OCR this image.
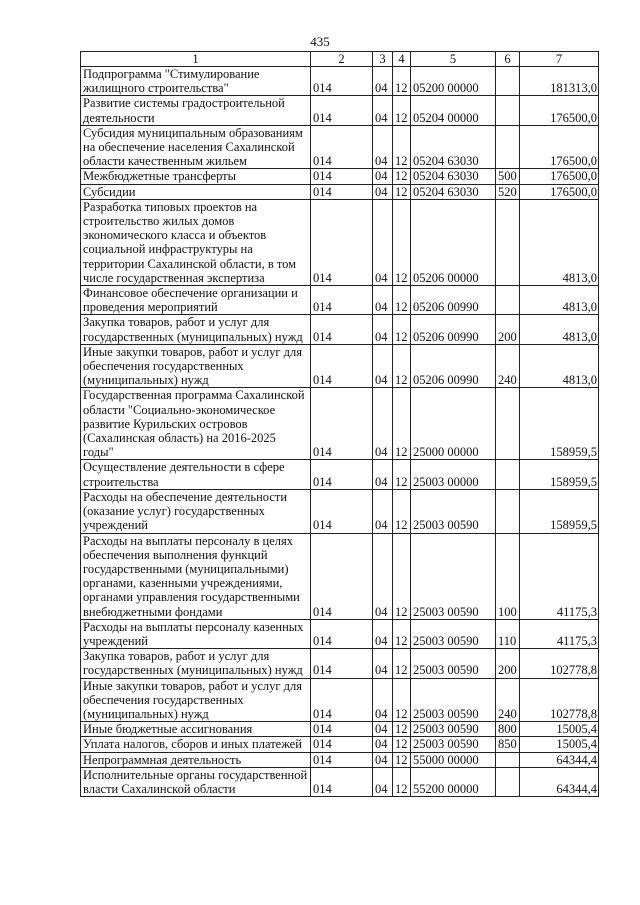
435
1	2	3	4	5	6	7
Подпрограмма "Стимулирование жилищного строительства"	014	04	12	05200 00000		181313,0
Развитие системы градостроительной деятельности	014	04	12	05204 00000		176500,0
Субсидия муниципальным образованиям на обеспечение населения Сахалинской области качественным жильем	014	04	12	05204 63030		176500,0
Межбюджетные трансферты	014	04	12	05204 63030	500	176500,0
Субсидии	014	04	12	05204 63030	520	176500,0
Разработка типовых проектов на строительство жилых домов экономического класса и объектов социальной инфраструктуры на территории Сахалинской области, в том числе государственная экспертиза	014	04	12	05206 00000		4813,0
Финансовое обеспечение организации и проведения мероприятий	014	04	12	05206 00990		4813,0
Закупка товаров, работ и услуг для государственных (муниципальных) нужд	014	04	12	05206 00990	200	4813,0
Иные закупки товаров, работ и услуг для обеспечения государственных (муниципальных) нужд	014	04	12	05206 00990	240	4813,0
Государственная программа Сахалинской области "Социально-экономическое развитие Курильских островов (Сахалинская область) на 2016-2025 годы"	014	04	12	25000 00000		158959,5
Осуществление деятельности в сфере строительства	014	04	12	25003 00000		158959,5
Расходы на обеспечение деятельности (оказание услуг) государственных учреждений	014	04	12	25003 00590		158959,5
Расходы на выплаты персоналу в целях обеспечения выполнения функций государственными (муниципальными) органами, казенными учреждениями, органами управления государственными внебюджетными фондами	014	04	12	25003 00590	100	41175,3
Расходы на выплаты персоналу казенных учреждений	014	04	12	25003 00590	110	41175,3
Закупка товаров, работ и услуг для государственных (муниципальных) нужд	014	04	12	25003 00590	200	102778,8
Иные закупки товаров, работ и услуг для обеспечения государственных (муниципальных) нужд	014	04	12	25003 00590	240	102778,8
Иные бюджетные ассигнования	014	04	12	25003 00590	800	15005,4
Уплата налогов, сборов и иных платежей	014	04	12	25003 00590	850	15005,4
Непрограммная деятельность	014	04	12	55000 00000		64344,4
Исполнительные органы государственной власти Сахалинской области	014	04	12	55200 00000		64344,4
